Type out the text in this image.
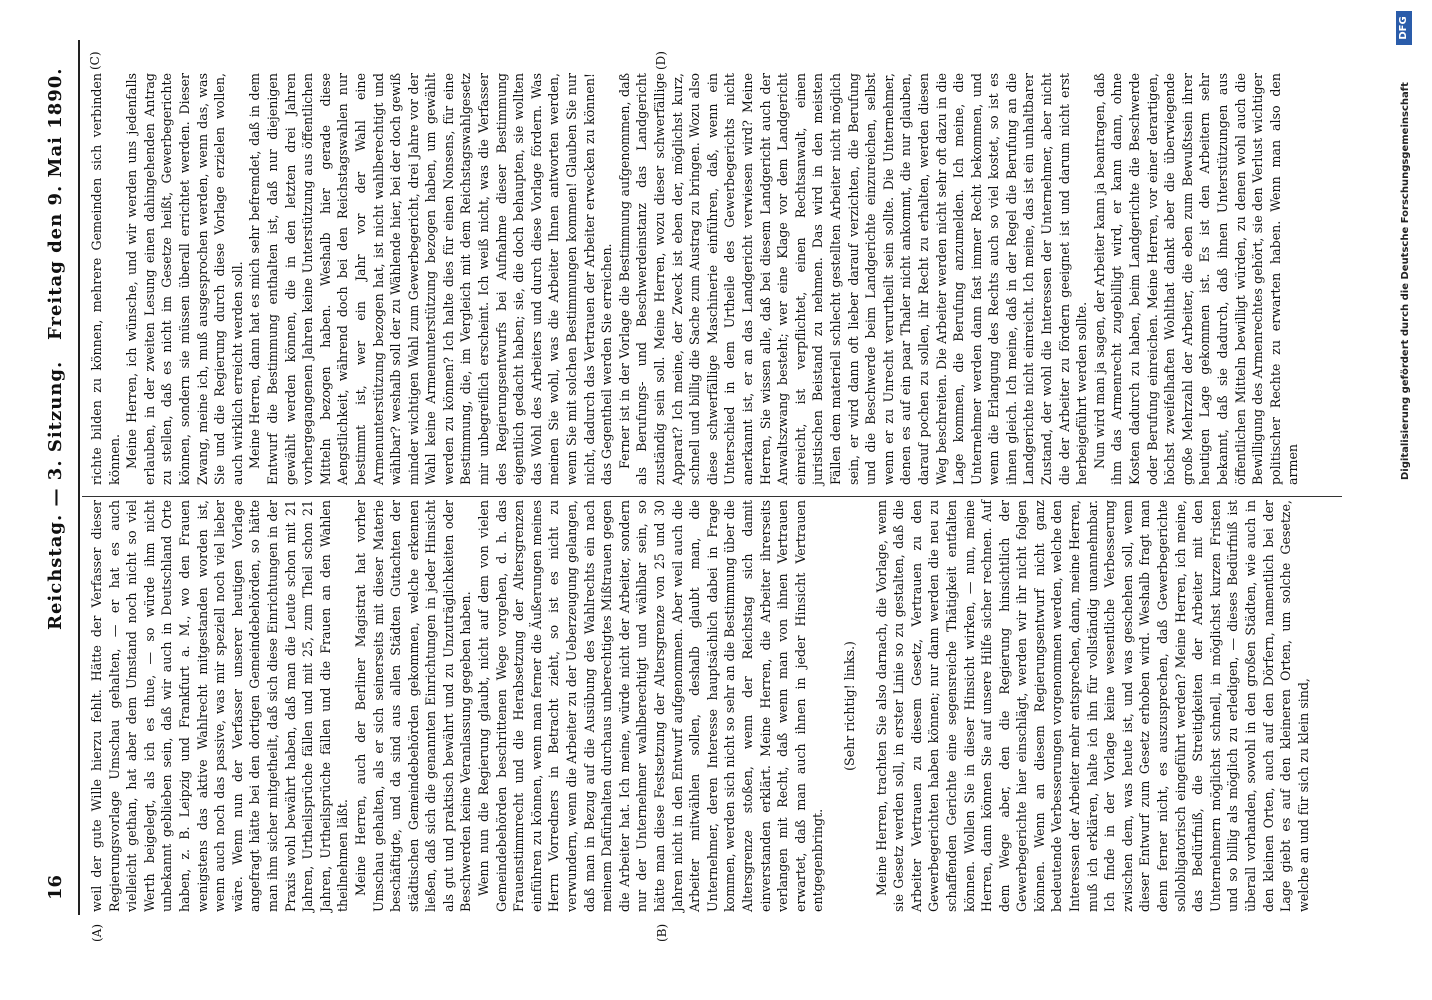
16
Reichstag. — 3. Sitzung.
Freitag den 9. Mai 1890.
(A)	(B)
(C)	(D)

weil der gute Wille hierzu fehlt. Hätte der Verfasser dieser Regierungsvorlage Umschau gehalten, — er hat es auch vielleicht gethan, hat aber dem Umstand noch nicht so viel Werth beigelegt, als ich es thue, — so würde ihm nicht unbekannt geblieben sein, daß wir auch in Deutschland Orte haben, z. B. Leipzig und Frankfurt a. M., wo den Frauen wenigstens das aktive Wahlrecht mitgestanden worden ist, wenn auch noch das passive, was mir speziell noch viel lieber wäre. Wenn nun der Verfasser unserer heutigen Vorlage angefragt hätte bei den dortigen Gemeindebehörden, so hätte man ihm sicher mitgetheilt, daß sich diese Einrichtungen in der Praxis wohl bewährt haben, daß man die Leute schon mit 21 Jahren, Urtheilsprüche fällen und mit 25, zum Theil schon 21 Jahren, Urtheilsprüche fällen und die Frauen an den Wahlen theilnehmen läßt. Meine Herren, auch der Berliner Magistrat hat vorher Umschau gehalten, als er sich seinerseits mit dieser Materie beschäftigte, und da sind aus allen Städten Gutachten der städtischen Gemeindebehörden gekommen, welche erkennen ließen, daß sich die genannten Einrichtungen in jeder Hinsicht als gut und praktisch bewährt und zu Unzuträglichkeiten oder Beschwerden keine Veranlassung gegeben haben. Wenn nun die Regierung glaubt, nicht auf dem von vielen Gemeindebehörden beschrittenen Wege vorgehen, d. h. das Frauenstimmrecht und die Herabsetzung der Altersgrenzen einführen zu können, wenn man ferner die Äußerungen meines Herrn Vorredners in Betracht zieht, so ist es nicht zu verwundern, wenn die Arbeiter zu der Ueberzeugung gelangen, daß man in Bezug auf die Ausübung des Wahlrechts ein nach meinem Dafürhalten durchaus unberechtigtes Mißtrauen gegen die Arbeiter hat. Ich meine, würde nicht der Arbeiter, sondern nur der Unternehmer wahlberechtigt und wählbar sein, so hätte man diese Festsetzung der Altersgrenze von 25 und 30 Jahren nicht in den Entwurf aufgenommen. Aber weil auch die Arbeiter mitwählen sollen, deshalb glaubt man, die Unternehmer, deren Interesse hauptsächlich dabei in Frage kommen, werden sich nicht so sehr an die Bestimmung über die Altersgrenze stoßen, wenn der Reichstag sich damit einverstanden erklärt. Meine Herren, die Arbeiter ihrerseits verlangen mit Recht, daß wenn man von ihnen Vertrauen erwartet, daß man auch ihnen in jeder Hinsicht Vertrauen entgegenbringt.

(Sehr richtig! links.) Meine Herren, trachten Sie also darnach, die Vorlage, wenn sie Gesetz werden soll, in erster Linie so zu gestalten, daß die Arbeiter Vertrauen zu diesem Gesetz, Vertrauen zu den Gewerbegerichten haben können; nur dann werden die neu zu schaffenden Gerichte eine segensreiche Thätigkeit entfalten können. Wollen Sie in dieser Hinsicht wirken, — nun, meine Herren, dann können Sie auf unsere Hilfe sicher rechnen. Auf dem Wege aber, den die Regierung hinsichtlich der Gewerbegerichte hier einschlägt, werden wir ihr nicht folgen können. Wenn an diesem Regierungsentwurf nicht ganz bedeutende Verbesserungen vorgenommen werden, welche den Interessen der Arbeiter mehr entsprechen, dann, meine Herren, muß ich erklären, halte ich ihn für vollständig unannehmbar. Ich finde in der Vorlage keine wesentliche Verbesserung zwischen dem, was heute ist, und was geschehen soll, wenn dieser Entwurf zum Gesetz erhoben wird. Weshalb fragt man denn ferner nicht, es auszusprechen, daß Gewerbegerichte sollobligatorisch eingeführt werden? Meine Herren, ich meine, das Bedürfniß, die Streitigkeiten der Arbeiter mit den Unternehmern möglichst schnell, in möglichst kurzen Fristen und so billig als möglich zu erledigen, — dieses Bedürfniß ist überall vorhanden, sowohl in den großen Städten, wie auch in den kleinen Orten, auch auf den Dörfern, namentlich bei der Lage giebt es auf den kleineren Orten, um solche Gesetze, welche an und für sich zu klein sind,

richte bilden zu können, mehrere Gemeinden sich verbinden können. Meine Herren, ich wünsche, und wir werden uns jedenfalls erlauben, in der zweiten Lesung einen dahingehenden Antrag zu stellen, daß es nicht im Gesetze heißt, Gewerbegerichte können, sondern sie müssen überall errichtet werden. Dieser Zwang, meine ich, muß ausgesprochen werden, wenn das, was Sie und die Regierung durch diese Vorlage erzielen wollen, auch wirklich erreicht werden soll. Meine Herren, dann hat es mich sehr befremdet, daß in dem Entwurf die Bestimmung enthalten ist, daß nur diejenigen gewählt werden können, die in den letzten drei Jahren vorhergegangenen Jahren keine Unterstützung aus öffentlichen Mitteln bezogen haben. Weshalb hier gerade diese Aengstlichkeit, während doch bei den Reichstagswahlen nur bestimmt ist, wer ein Jahr vor der Wahl eine Armenunterstützung bezogen hat, ist nicht wahlberechtigt und wählbar? weshalb soll der zu Wählende hier, bei der doch gewiß minder wichtigen Wahl zum Gewerbegericht, drei Jahre vor der Wahl keine Armenunterstützung bezogen haben, um gewählt werden zu können? Ich halte dies für einen Nonsens, für eine Bestimmung, die, im Vergleich mit dem Reichstagswahlgesetz mir unbegreiflich erscheint. Ich weiß nicht, was die Verfasser des Regierungsentwurfs bei Aufnahme dieser Bestimmung eigentlich gedacht haben; sie, die doch behaupten, sie wollten das Wohl des Arbeiters und durch diese Vorlage fördern. Was meinen Sie wohl, was die Arbeiter Ihnen antworten werden, wenn Sie mit solchen Bestimmungen kommen! Glauben Sie nur nicht, dadurch das Vertrauen der Arbeiter erwecken zu können! das Gegentheil werden Sie erreichen. Ferner ist in der Vorlage die Bestimmung aufgenommen, daß als Berufungs- und Beschwerdeinstanz das Landgericht zuständig sein soll. Meine Herren, wozu dieser schwerfällige Apparat? Ich meine, der Zweck ist eben der, möglichst kurz, schnell und billig die Sache zum Austrag zu bringen. Wozu also diese schwerfällige Maschinerie einführen, daß, wenn ein Unterschied in dem Urtheile des Gewerbegerichts nicht anerkannt ist, er an das Landgericht verwiesen wird? Meine Herren, Sie wissen alle, daß bei diesem Landgericht auch der Anwaltszwang besteht; wer eine Klage vor dem Landgericht einreicht, ist verpflichtet, einen Rechtsanwalt, einen juristischen Beistand zu nehmen. Das wird in den meisten Fällen dem materiell schlecht gestellten Arbeiter nicht möglich sein, er wird dann oft lieber darauf verzichten, die Berufung und die Beschwerde beim Landgerichte einzureichen, selbst wenn er zu Unrecht verurtheilt sein sollte. Die Unternehmer, denen es auf ein paar Thaler nicht ankommt, die nur glauben, darauf pochen zu sollen, ihr Recht zu erhalten, werden diesen Weg beschreiten. Die Arbeiter werden nicht sehr oft dazu in die Lage kommen, die Berufung anzumelden. Ich meine, die Unternehmer werden dann fast immer Recht bekommen, und wenn die Erlangung des Rechts auch so viel kostet, so ist es ihnen gleich. Ich meine, daß in der Regel die Berufung an die Landgerichte nicht einreicht. Ich meine, das ist ein unhaltbarer Zustand, der wohl die Interessen der Unternehmer, aber nicht die der Arbeiter zu fördern geeignet ist und darum nicht erst herbeigeführt werden sollte. Nun wird man ja sagen, der Arbeiter kann ja beantragen, daß ihm das Armenrecht zugebilligt wird, er kann dann, ohne Kosten dadurch zu haben, beim Landgerichte die Beschwerde oder Berufung einreichen. Meine Herren, vor einer derartigen, höchst zweifelhaften Wohlthat dankt aber die überwiegende große Mehrzahl der Arbeiter, die eben zum Bewußtsein ihrer heutigen Lage gekommen ist. Es ist den Arbeitern sehr bekannt, daß sie dadurch, daß ihnen Unterstützungen aus öffentlichen Mitteln bewilligt würden, zu denen wohl auch die Bewilligung des Armenrechtes gehört, sie den Verlust wichtiger politischer Rechte zu erwarten haben. Wenn man also den armen	Digitalisierung gefördert durch die Deutsche Forschungsgemeinschaft
DFG
